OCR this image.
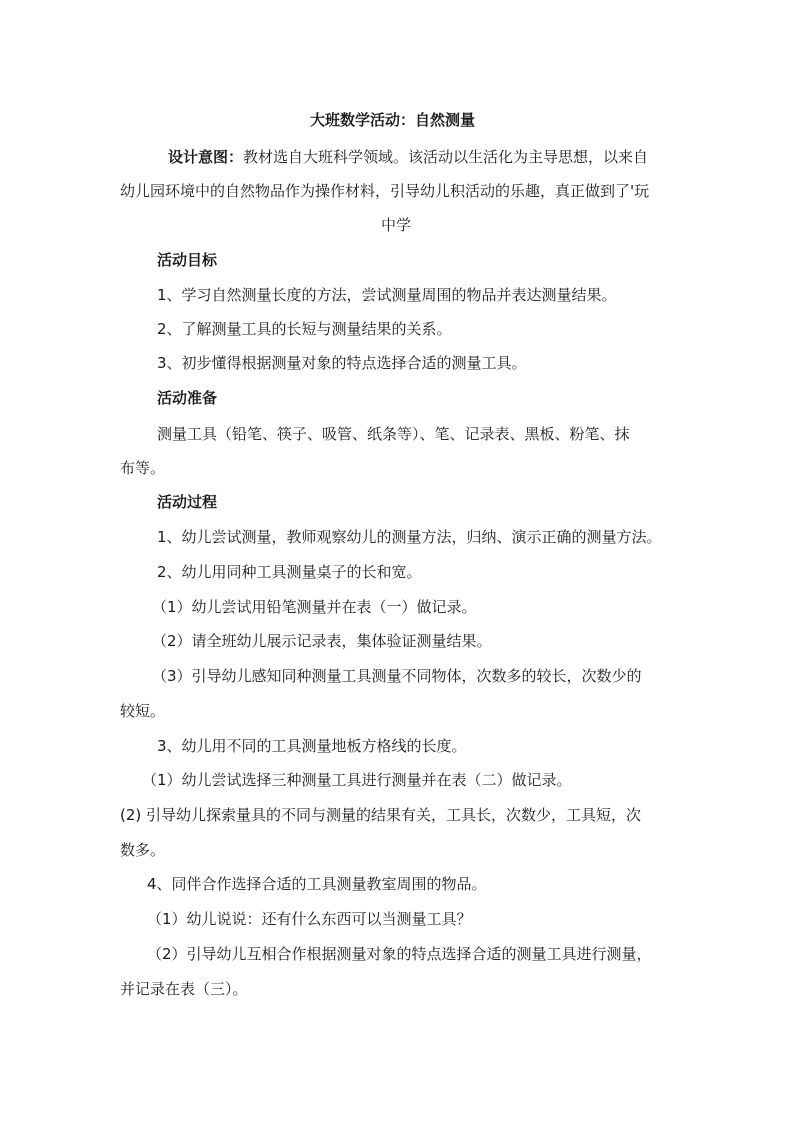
大班数学活动：自然测量
设计意图：教材选自大班科学领域。该活动以生活化为主导思想，以来自
幼儿园环境中的自然物品作为操作材料，引导幼儿积活动的乐趣，真正做到了'玩
中学
活动目标
1、学习自然测量长度的方法，尝试测量周围的物品并表达测量结果。
2、了解测量工具的长短与测量结果的关系。
3、初步懂得根据测量对象的特点选择合适的测量工具。
活动准备
测量工具（铅笔、筷子、吸管、纸条等）、笔、记录表、黑板、粉笔、抹
布等。
活动过程
1、幼儿尝试测量，教师观察幼儿的测量方法，归纳、演示正确的测量方法。
2、幼儿用同种工具测量桌子的长和宽。
（1）幼儿尝试用铅笔测量并在表（一）做记录。
（2）请全班幼儿展示记录表，集体验证测量结果。
（3）引导幼儿感知同种测量工具测量不同物体，次数多的较长，次数少的
较短。
3、幼儿用不同的工具测量地板方格线的长度。
（1）幼儿尝试选择三种测量工具进行测量并在表（二）做记录。
(2) 引导幼儿探索量具的不同与测量的结果有关，工具长，次数少，工具短，次
数多。
4、同伴合作选择合适的工具测量教室周围的物品。
（1）幼儿说说：还有什么东西可以当测量工具？
（2）引导幼儿互相合作根据测量对象的特点选择合适的测量工具进行测量，
并记录在表（三）。
